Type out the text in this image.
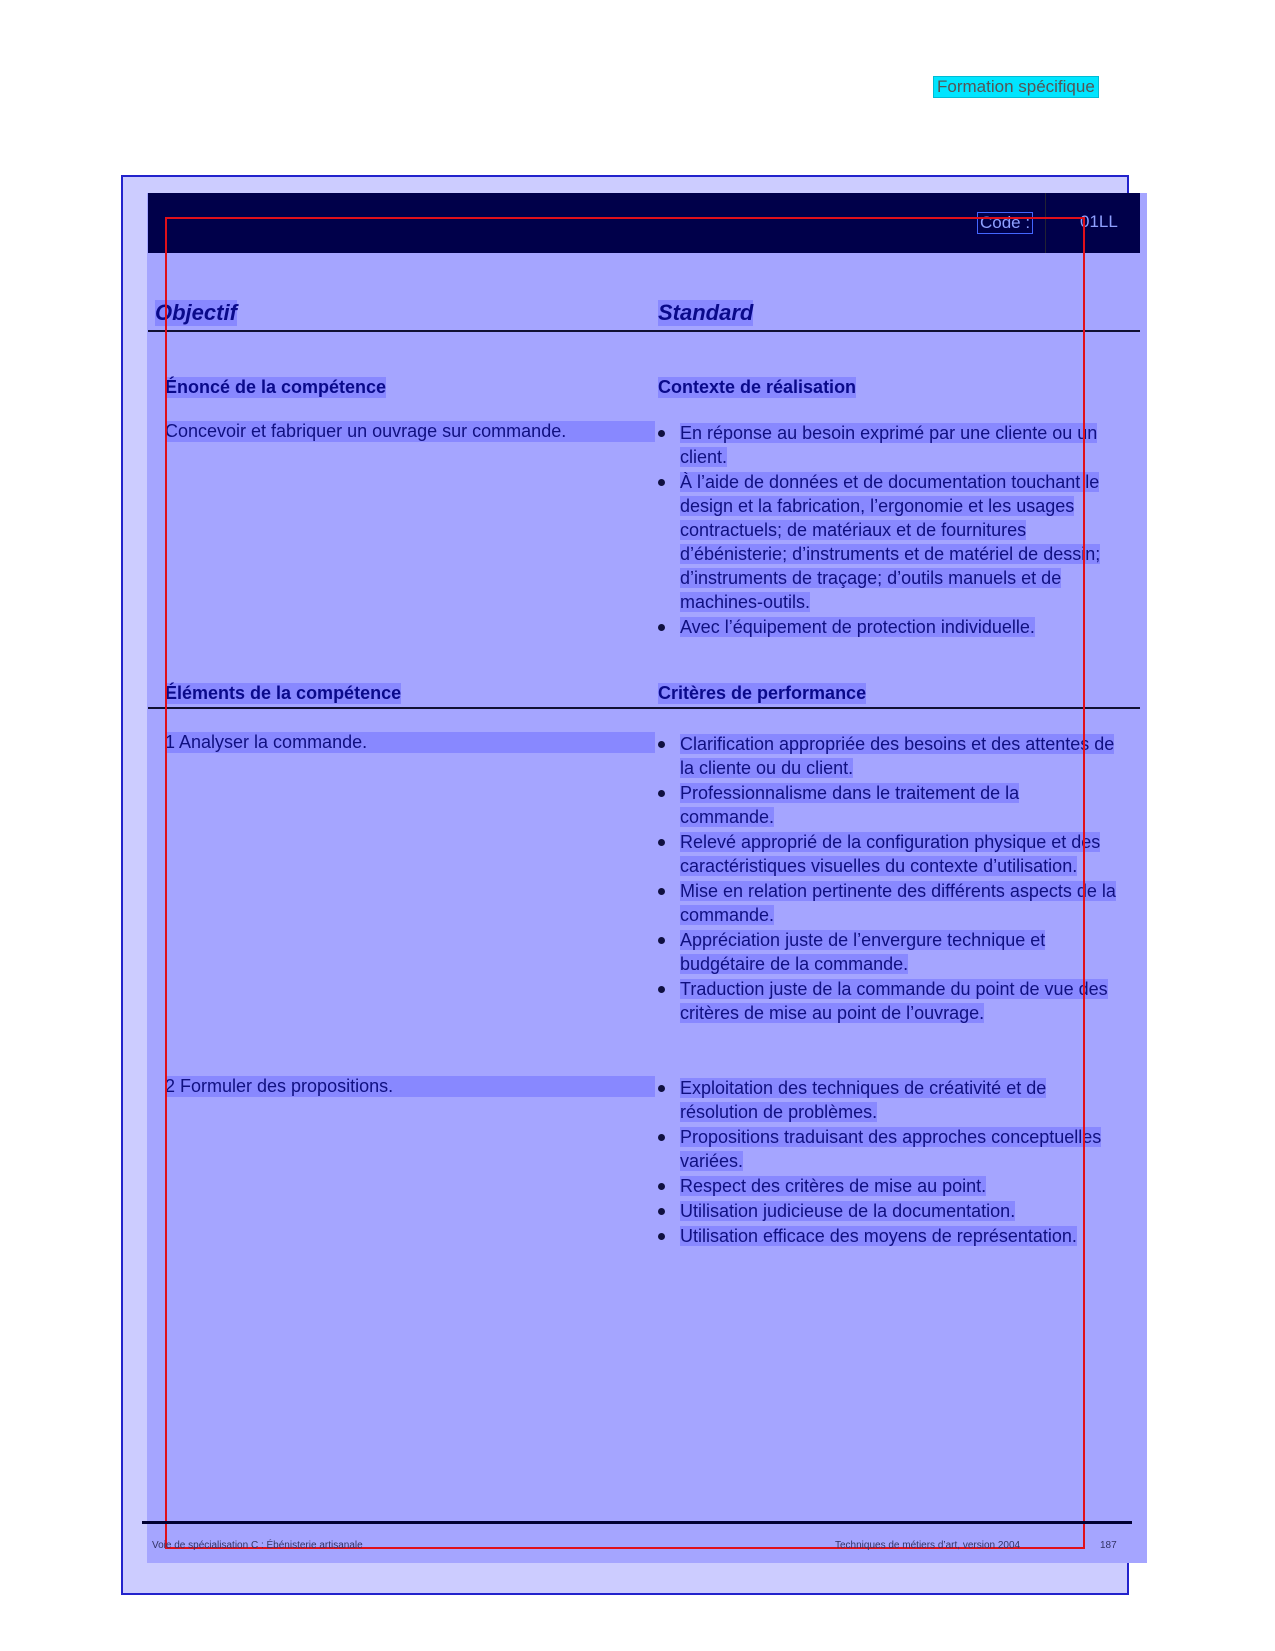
Formation spécifique
Code :	01LL
Objectif	Standard
Énoncé de la compétence	Contexte de réalisation
Concevoir et fabriquer un ouvrage sur commande.	En réponse au besoin exprimé par une cliente ou un client.
À l’aide de données et de documentation touchant le design et la fabrication, l’ergonomie et les usages contractuels; de matériaux et de fournitures d’ébénisterie; d’instruments et de matériel de dessin; d’instruments de traçage; d’outils manuels et de machines-outils.
Avec l’équipement de protection individuelle.
Éléments de la compétence	Critères de performance
1 Analyser la commande.	Clarification appropriée des besoins et des attentes de la cliente ou du client.
Professionnalisme dans le traitement de la commande.
Relevé approprié de la configuration physique et des caractéristiques visuelles du contexte d’utilisation.
Mise en relation pertinente des différents aspects de la commande.
Appréciation juste de l’envergure technique et budgétaire de la commande.
Traduction juste de la commande du point de vue des critères de mise au point de l’ouvrage.
2 Formuler des propositions.	Exploitation des techniques de créativité et de résolution de problèmes.
Propositions traduisant des approches conceptuelles variées.
Respect des critères de mise au point.
Utilisation judicieuse de la documentation.
Utilisation efficace des moyens de représentation.
Voie de spécialisation C : Ébénisterie artisanale	Techniques de métiers d’art, version 2004	187
